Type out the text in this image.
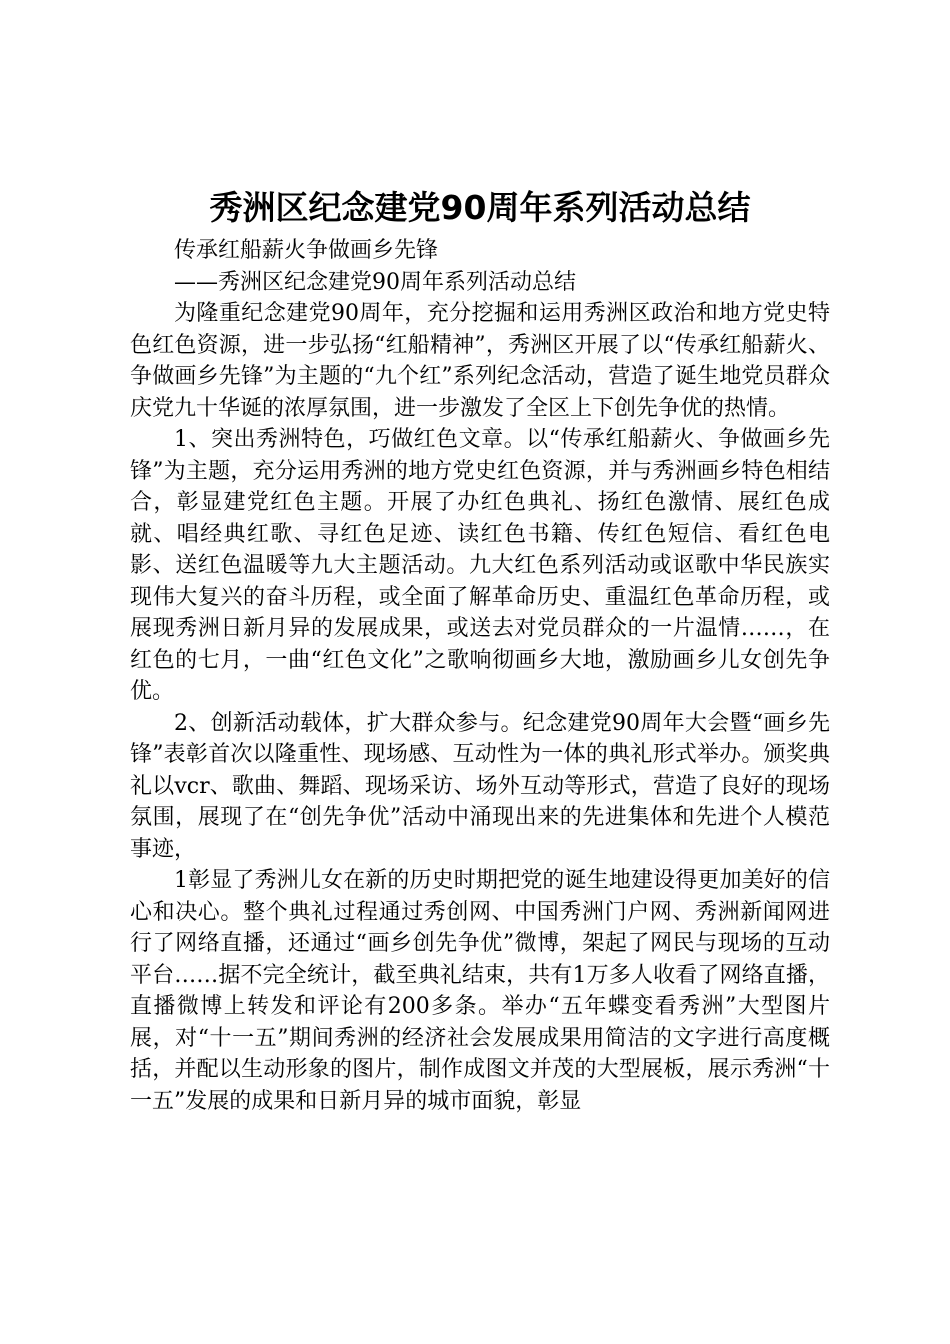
秀洲区纪念建党90周年系列活动总结

传承红船薪火争做画乡先锋

——秀洲区纪念建党90周年系列活动总结

为隆重纪念建党90周年，充分挖掘和运用秀洲区政治和地方党史特色红色资源，进一步弘扬“红船精神”，秀洲区开展了以“传承红船薪火、争做画乡先锋”为主题的“九个红”系列纪念活动，营造了诞生地党员群众庆党九十华诞的浓厚氛围，进一步激发了全区上下创先争优的热情。

1、突出秀洲特色，巧做红色文章。以“传承红船薪火、争做画乡先锋”为主题，充分运用秀洲的地方党史红色资源，并与秀洲画乡特色相结合，彰显建党红色主题。开展了办红色典礼、扬红色激情、展红色成就、唱经典红歌、寻红色足迹、读红色书籍、传红色短信、看红色电影、送红色温暖等九大主题活动。九大红色系列活动或讴歌中华民族实现伟大复兴的奋斗历程，或全面了解革命历史、重温红色革命历程，或展现秀洲日新月异的发展成果，或送去对党员群众的一片温情……，在红色的七月，一曲“红色文化”之歌响彻画乡大地，激励画乡儿女创先争优。

2、创新活动载体，扩大群众参与。纪念建党90周年大会暨“画乡先锋”表彰首次以隆重性、现场感、互动性为一体的典礼形式举办。颁奖典礼以vcr、歌曲、舞蹈、现场采访、场外互动等形式，营造了良好的现场氛围，展现了在“创先争优”活动中涌现出来的先进集体和先进个人模范事迹，

1彰显了秀洲儿女在新的历史时期把党的诞生地建设得更加美好的信心和决心。整个典礼过程通过秀创网、中国秀洲门户网、秀洲新闻网进行了网络直播，还通过“画乡创先争优”微博，架起了网民与现场的互动平台……据不完全统计，截至典礼结束，共有1万多人收看了网络直播，直播微博上转发和评论有200多条。举办“五年蝶变看秀洲”大型图片展，对“十一五”期间秀洲的经济社会发展成果用简洁的文字进行高度概括，并配以生动形象的图片，制作成图文并茂的大型展板，展示秀洲“十一五”发展的成果和日新月异的城市面貌，彰显
